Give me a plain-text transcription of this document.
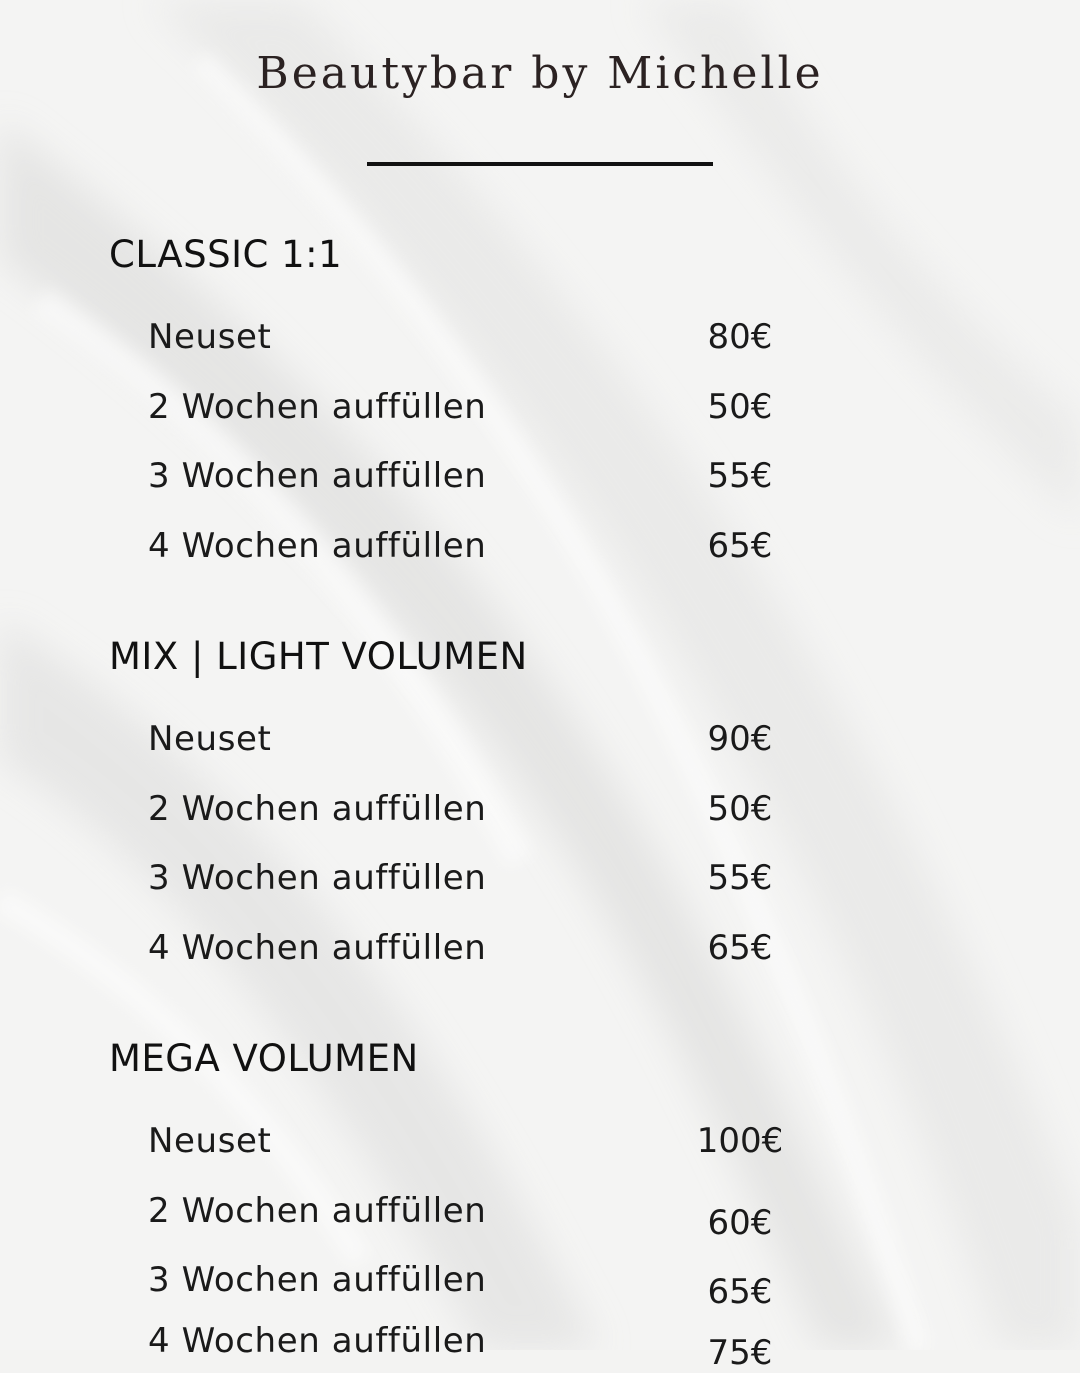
Beautybar by Michelle
CLASSIC 1:1
Neuset	80€
2 Wochen auffüllen	50€
3 Wochen auffüllen	55€
4 Wochen auffüllen	65€
MIX | LIGHT VOLUMEN
Neuset	90€
2 Wochen auffüllen	50€
3 Wochen auffüllen	55€
4 Wochen auffüllen	65€
MEGA VOLUMEN
Neuset	100€
2 Wochen auffüllen	60€
3 Wochen auffüllen	65€
4 Wochen auffüllen	75€
